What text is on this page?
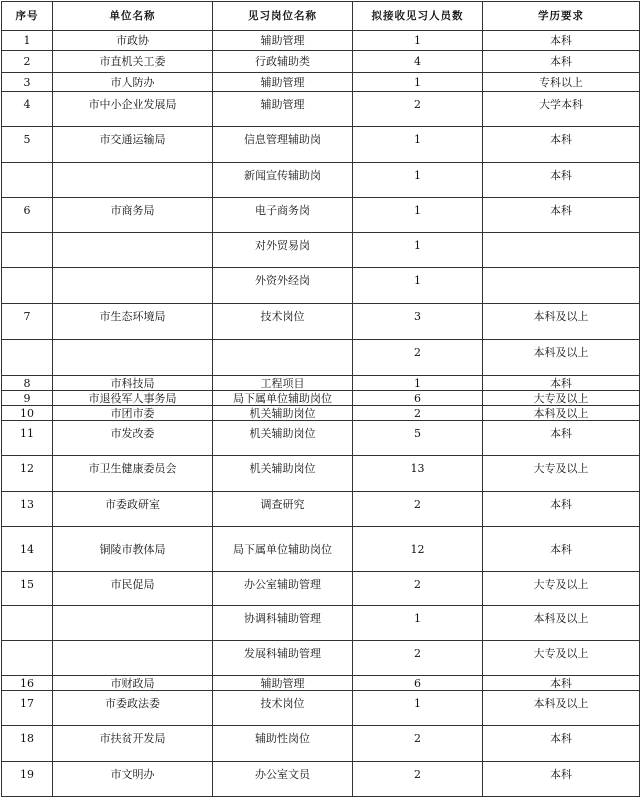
序号	单位名称	见习岗位名称	拟接收见习人员数	学历要求
1	市政协	辅助管理	1	本科
2	市直机关工委	行政辅助类	4	本科
3	市人防办	辅助管理	1	专科以上
4	市中小企业发展局	辅助管理	2	大学本科
5	市交通运输局	信息管理辅助岗	1	本科
		新闻宣传辅助岗	1	本科
6	市商务局	电子商务岗	1	本科
		对外贸易岗	1	
		外资外经岗	1	
7	市生态环境局	技术岗位	3	本科及以上
			2	本科及以上
8	市科技局	工程项目	1	本科
9	市退役军人事务局	局下属单位辅助岗位	6	大专及以上
10	市团市委	机关辅助岗位	2	本科及以上
11	市发改委	机关辅助岗位	5	本科
12	市卫生健康委员会	机关辅助岗位	13	大专及以上
13	市委政研室	调查研究	2	本科
14	铜陵市教体局	局下属单位辅助岗位	12	本科
15	市民促局	办公室辅助管理	2	大专及以上
		协调科辅助管理	1	本科及以上
		发展科辅助管理	2	大专及以上
16	市财政局	辅助管理	6	本科
17	市委政法委	技术岗位	1	本科及以上
18	市扶贫开发局	辅助性岗位	2	本科
19	市文明办	办公室文员	2	本科
